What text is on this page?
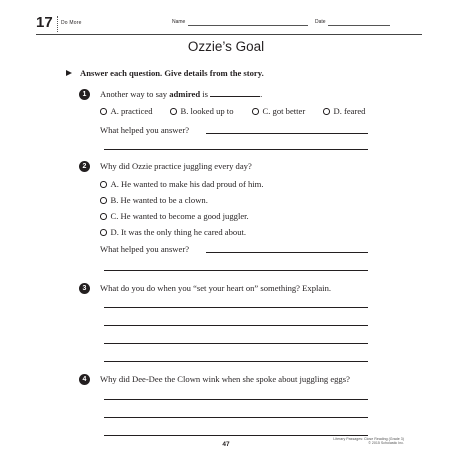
17 Do More	Name	Date
Ozzie’s Goal
Answer each question. Give details from the story.
1	Another way to say admired is	.
A. practiced	B. looked up to	C. got better	D. feared
What helped you answer?
2	Why did Ozzie practice juggling every day?
A. He wanted to make his dad proud of him.
B. He wanted to be a clown.
C. He wanted to become a good juggler.
D. It was the only thing he cared about.
What helped you answer?
3	What do you do when you “set your heart on” something? Explain.
4	Why did Dee-Dee the Clown wink when she spoke about juggling eggs?
47
Literary Passages: Close Reading (Grade 3)
© 2015 Scholastic Inc.
